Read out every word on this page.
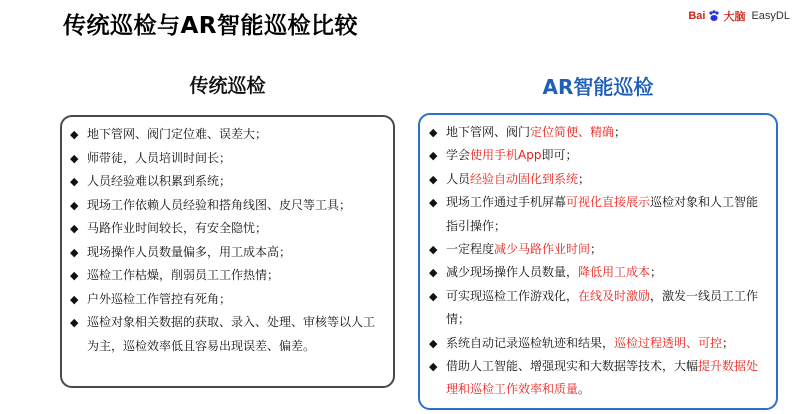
传统巡检与AR智能巡检比较	Bai 大脑 EasyDL
传统巡检	AR智能巡检
◆ 地下管网、阀门定位难、误差大；
◆ 师带徒，人员培训时间长；
◆ 人员经验难以积累到系统；
◆ 现场工作依赖人员经验和搭角线图、皮尺等工具；
◆ 马路作业时间较长，有安全隐忧；
◆ 现场操作人员数量偏多，用工成本高；
◆ 巡检工作枯燥，削弱员工工作热情；
◆ 户外巡检工作管控有死角；
◆ 巡检对象相关数据的获取、录入、处理、审核等以人工为主，巡检效率低且容易出现误差、偏差。
◆ 地下管网、阀门定位简便、精确；
◆ 学会使用手机App即可；
◆ 人员经验自动固化到系统；
◆ 现场工作通过手机屏幕可视化直接展示巡检对象和人工智能指引操作；
◆ 一定程度减少马路作业时间；
◆ 减少现场操作人员数量，降低用工成本；
◆ 可实现巡检工作游戏化，在线及时激励，激发一线员工工作情；
◆ 系统自动记录巡检轨迹和结果，巡检过程透明、可控；
◆ 借助人工智能、增强现实和大数据等技术，大幅提升数据处理和巡检工作效率和质量。
